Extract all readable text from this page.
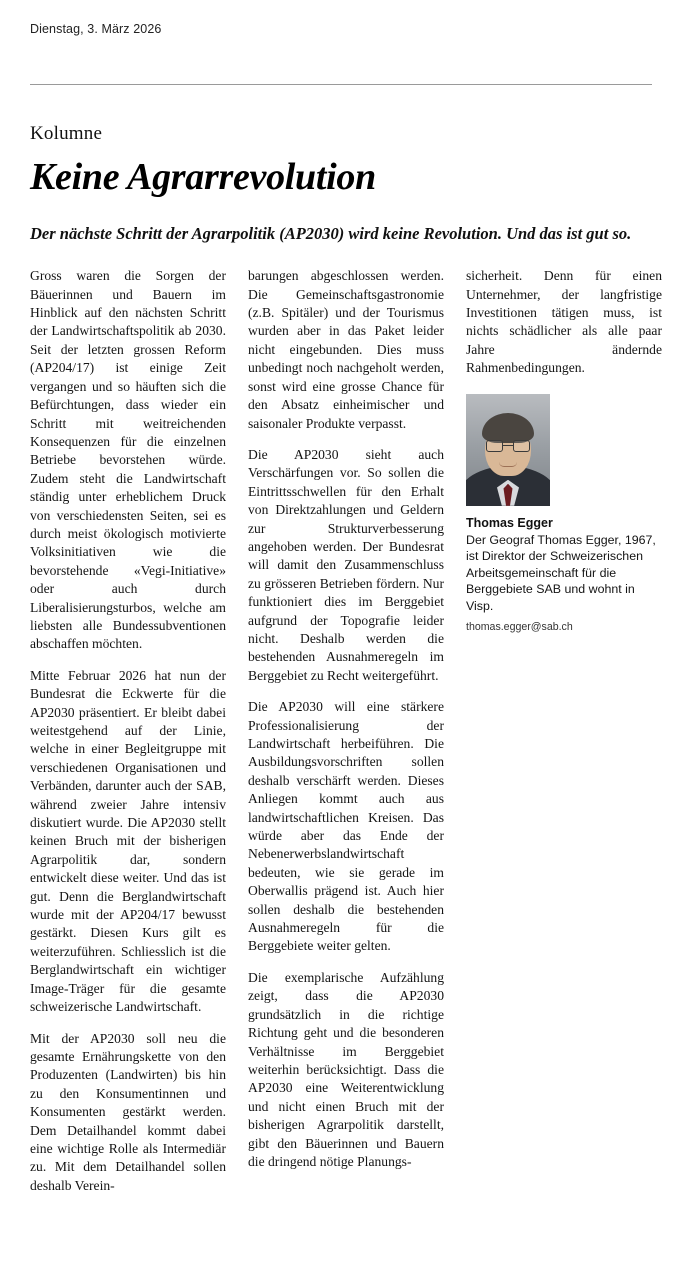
Dienstag, 3. März 2026
Kolumne
Keine Agrarrevolution
Der nächste Schritt der Agrarpolitik (AP2030) wird keine Revolution. Und das ist gut so.

Gross waren die Sorgen der Bäuerinnen und Bauern im Hinblick auf den nächsten Schritt der Landwirtschaftspolitik ab 2030. Seit der letzten grossen Reform (AP204/17) ist einige Zeit vergangen und so häuften sich die Befürchtungen, dass wieder ein Schritt mit weitreichenden Konsequenzen für die einzelnen Betriebe bevorstehen würde. Zudem steht die Landwirtschaft ständig unter erheblichem Druck von verschiedensten Seiten, sei es durch meist ökologisch motivierte Volksinitiativen wie die bevorstehende «Vegi-Initiative» oder auch durch Liberalisierungsturbos, welche am liebsten alle Bundessubventionen abschaffen möchten.

Mitte Februar 2026 hat nun der Bundesrat die Eckwerte für die AP2030 präsentiert. Er bleibt dabei weitestgehend auf der Linie, welche in einer Begleitgruppe mit verschiedenen Organisationen und Verbänden, darunter auch der SAB, während zweier Jahre intensiv diskutiert wurde. Die AP2030 stellt keinen Bruch mit der bisherigen Agrarpolitik dar, sondern entwickelt diese weiter. Und das ist gut. Denn die Berglandwirtschaft wurde mit der AP204/17 bewusst gestärkt. Diesen Kurs gilt es weiterzuführen. Schliesslich ist die Berglandwirtschaft ein wichtiger Image-Träger für die gesamte schweizerische Landwirtschaft.

Mit der AP2030 soll neu die gesamte Ernährungskette von den Produzenten (Landwirten) bis hin zu den Konsumentinnen und Konsumenten gestärkt werden. Dem Detailhandel kommt dabei eine wichtige Rolle als Intermediär zu. Mit dem Detailhandel sollen deshalb Verein-

barungen abgeschlossen werden. Die Gemeinschaftsgastronomie (z.B. Spitäler) und der Tourismus wurden aber in das Paket leider nicht eingebunden. Dies muss unbedingt noch nachgeholt werden, sonst wird eine grosse Chance für den Absatz einheimischer und saisonaler Produkte verpasst.

Die AP2030 sieht auch Verschärfungen vor. So sollen die Eintrittsschwellen für den Erhalt von Direktzahlungen und Geldern zur Strukturverbesserung angehoben werden. Der Bundesrat will damit den Zusammenschluss zu grösseren Betrieben fördern. Nur funktioniert dies im Berggebiet aufgrund der Topografie leider nicht. Deshalb werden die bestehenden Ausnahmeregeln im Berggebiet zu Recht weitergeführt.

Die AP2030 will eine stärkere Professionalisierung der Landwirtschaft herbeiführen. Die Ausbildungsvorschriften sollen deshalb verschärft werden. Dieses Anliegen kommt auch aus landwirtschaftlichen Kreisen. Das würde aber das Ende der Nebenerwerbslandwirtschaft bedeuten, wie sie gerade im Oberwallis prägend ist. Auch hier sollen deshalb die bestehenden Ausnahmeregeln für die Berggebiete weiter gelten.

Die exemplarische Aufzählung zeigt, dass die AP2030 grundsätzlich in die richtige Richtung geht und die besonderen Verhältnisse im Berggebiet weiterhin berücksichtigt. Dass die AP2030 eine Weiterentwicklung und nicht einen Bruch mit der bisherigen Agrarpolitik darstellt, gibt den Bäuerinnen und Bauern die dringend nötige Planungs-

sicherheit. Denn für einen Unternehmer, der langfristige Investitionen tätigen muss, ist nichts schädlicher als alle paar Jahre ändernde Rahmenbedingungen.

Thomas Egger
Der Geograf Thomas Egger, 1967, ist Direktor der Schweizerischen Arbeitsgemeinschaft für die Berggebiete SAB und wohnt in Visp.
thomas.egger@sab.ch
